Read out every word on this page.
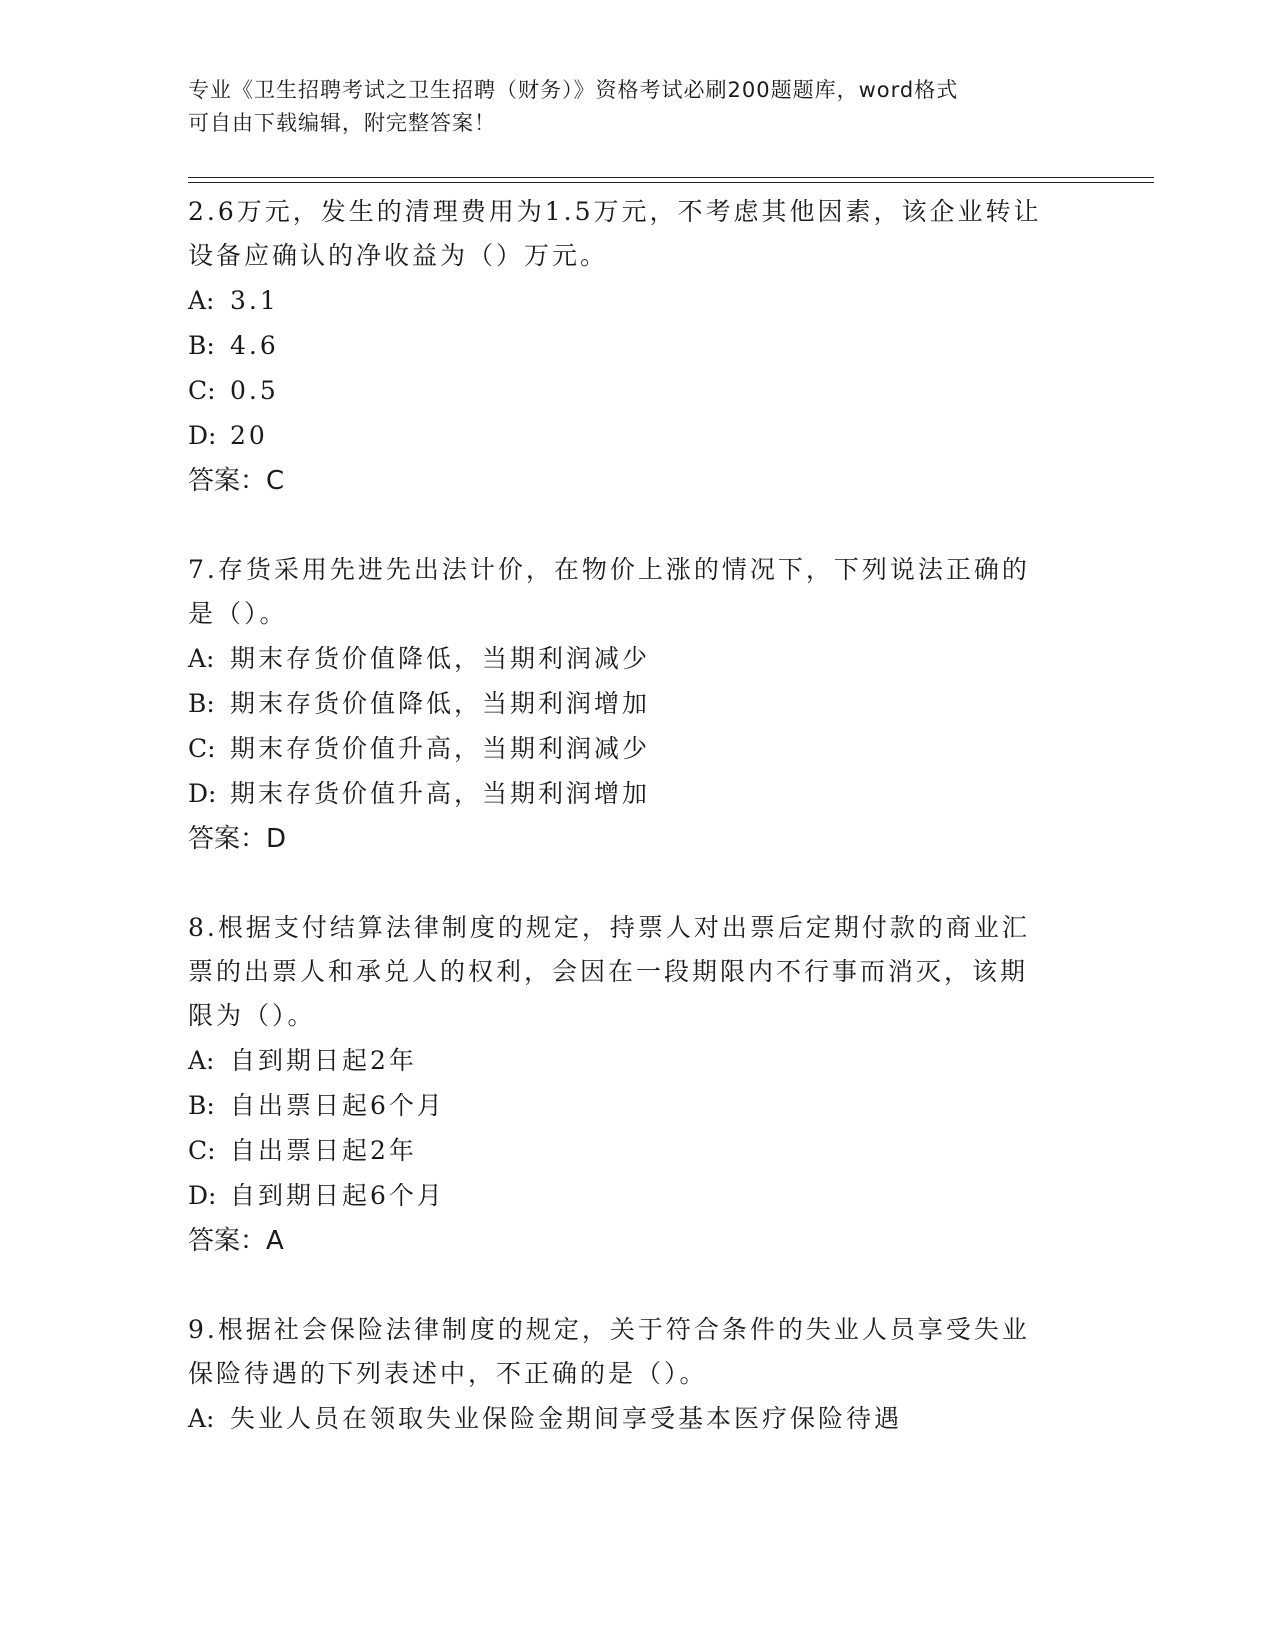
专业《卫生招聘考试之卫生招聘（财务）》资格考试必刷200题题库，word格式
可自由下载编辑，附完整答案！
2.6万元，发生的清理费用为1.5万元，不考虑其他因素，该企业转让
设备应确认的净收益为（）万元。
A: 3.1
B: 4.6
C: 0.5
D: 20
答案：C
7.存货采用先进先出法计价，在物价上涨的情况下，下列说法正确的
是（）。
A: 期末存货价值降低，当期利润减少
B: 期末存货价值降低，当期利润增加
C: 期末存货价值升高，当期利润减少
D: 期末存货价值升高，当期利润增加
答案：D
8.根据支付结算法律制度的规定，持票人对出票后定期付款的商业汇
票的出票人和承兑人的权利，会因在一段期限内不行事而消灭，该期
限为（）。
A: 自到期日起2年
B: 自出票日起6个月
C: 自出票日起2年
D: 自到期日起6个月
答案：A
9.根据社会保险法律制度的规定，关于符合条件的失业人员享受失业
保险待遇的下列表述中，不正确的是（）。
A: 失业人员在领取失业保险金期间享受基本医疗保险待遇
